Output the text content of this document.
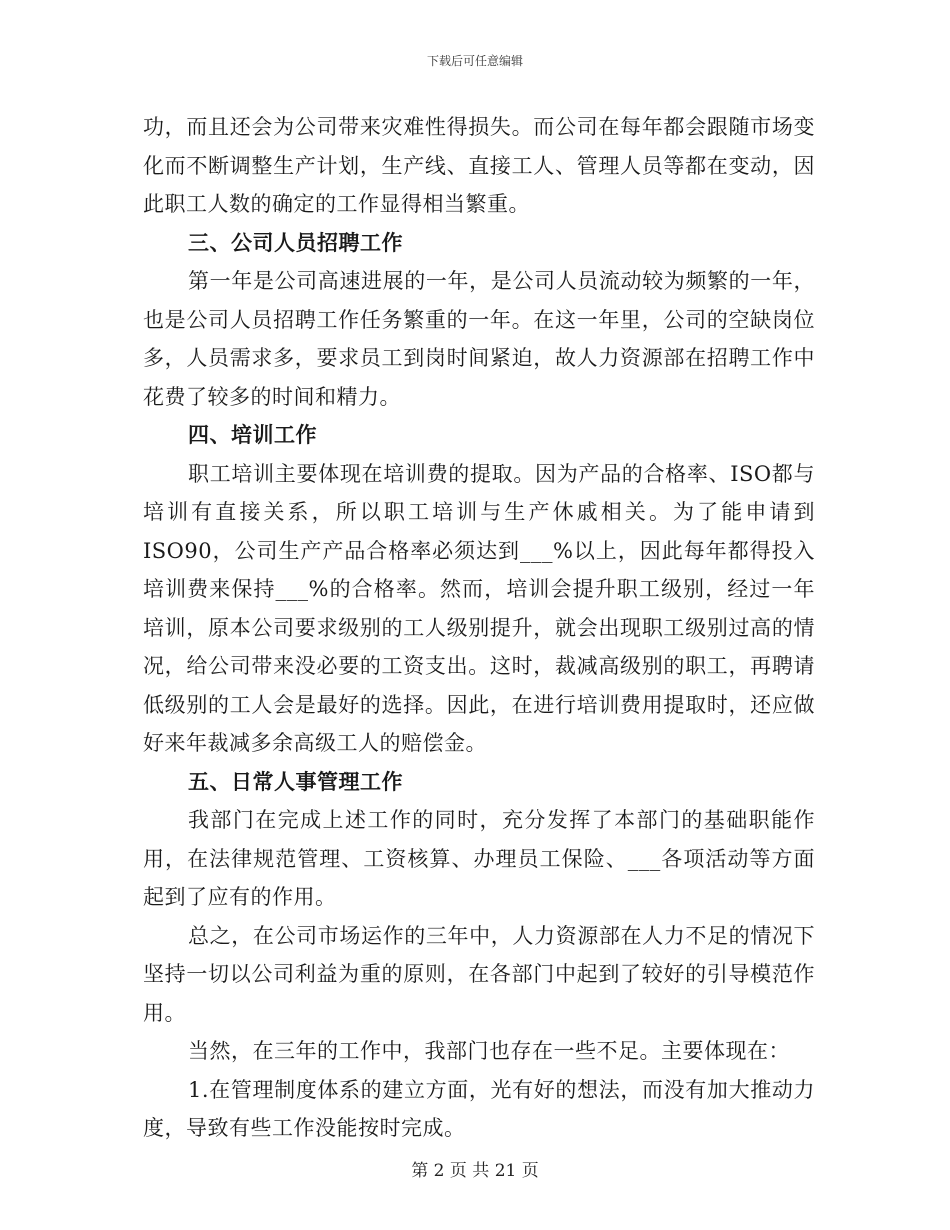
下载后可任意编辑

功，而且还会为公司带来灾难性得损失。而公司在每年都会跟随市场变化而不断调整生产计划，生产线、直接工人、管理人员等都在变动，因此职工人数的确定的工作显得相当繁重。

三、公司人员招聘工作

第一年是公司高速进展的一年，是公司人员流动较为频繁的一年，也是公司人员招聘工作任务繁重的一年。在这一年里，公司的空缺岗位多，人员需求多，要求员工到岗时间紧迫，故人力资源部在招聘工作中花费了较多的时间和精力。

四、培训工作

职工培训主要体现在培训费的提取。因为产品的合格率、ISO都与培训有直接关系，所以职工培训与生产休戚相关。为了能申请到ISO90，公司生产产品合格率必须达到___%以上，因此每年都得投入培训费来保持___%的合格率。然而，培训会提升职工级别，经过一年培训，原本公司要求级别的工人级别提升，就会出现职工级别过高的情况，给公司带来没必要的工资支出。这时，裁减高级别的职工，再聘请低级别的工人会是最好的选择。因此，在进行培训费用提取时，还应做好来年裁减多余高级工人的赔偿金。

五、日常人事管理工作

我部门在完成上述工作的同时，充分发挥了本部门的基础职能作用，在法律规范管理、工资核算、办理员工保险、___各项活动等方面起到了应有的作用。

总之，在公司市场运作的三年中，人力资源部在人力不足的情况下坚持一切以公司利益为重的原则，在各部门中起到了较好的引导模范作用。

当然，在三年的工作中，我部门也存在一些不足。主要体现在：

1.在管理制度体系的建立方面，光有好的想法，而没有加大推动力度，导致有些工作没能按时完成。

第 2 页 共 21 页
